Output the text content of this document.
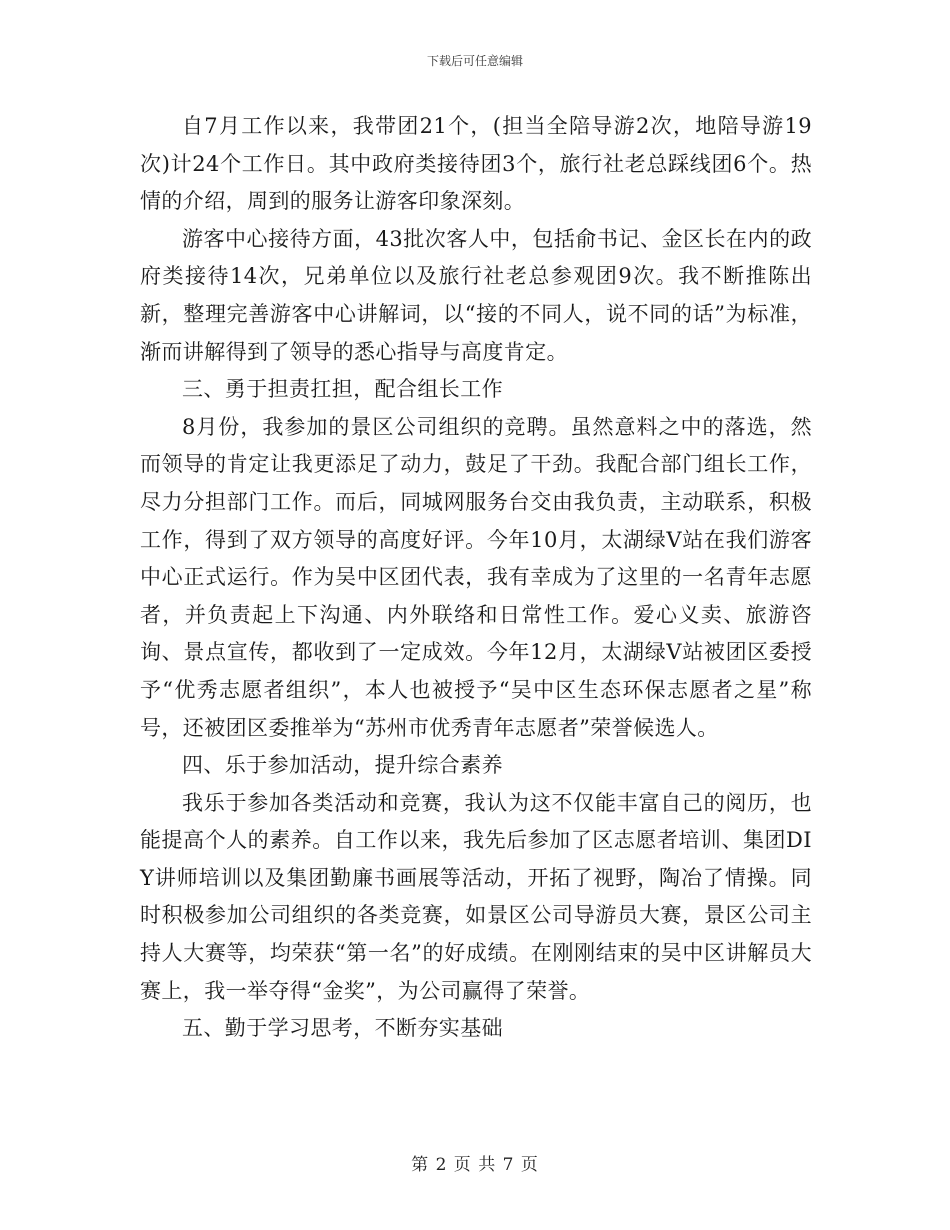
下载后可任意编辑

自7月工作以来，我带团21个，(担当全陪导游2次，地陪导游19次)计24个工作日。其中政府类接待团3个，旅行社老总踩线团6个。热情的介绍，周到的服务让游客印象深刻。

游客中心接待方面，43批次客人中，包括俞书记、金区长在内的政府类接待14次，兄弟单位以及旅行社老总参观团9次。我不断推陈出新，整理完善游客中心讲解词，以“接的不同人，说不同的话”为标准，渐而讲解得到了领导的悉心指导与高度肯定。

三、勇于担责扛担，配合组长工作

8月份，我参加的景区公司组织的竞聘。虽然意料之中的落选，然而领导的肯定让我更添足了动力，鼓足了干劲。我配合部门组长工作，尽力分担部门工作。而后，同城网服务台交由我负责，主动联系，积极工作，得到了双方领导的高度好评。今年10月，太湖绿V站在我们游客中心正式运行。作为吴中区团代表，我有幸成为了这里的一名青年志愿者，并负责起上下沟通、内外联络和日常性工作。爱心义卖、旅游咨询、景点宣传，都收到了一定成效。今年12月，太湖绿V站被团区委授予“优秀志愿者组织”，本人也被授予“吴中区生态环保志愿者之星”称号，还被团区委推举为“苏州市优秀青年志愿者”荣誉候选人。

四、乐于参加活动，提升综合素养

我乐于参加各类活动和竞赛，我认为这不仅能丰富自己的阅历，也能提高个人的素养。自工作以来，我先后参加了区志愿者培训、集团DIY讲师培训以及集团勤廉书画展等活动，开拓了视野，陶冶了情操。同时积极参加公司组织的各类竞赛，如景区公司导游员大赛，景区公司主持人大赛等，均荣获“第一名”的好成绩。在刚刚结束的吴中区讲解员大赛上，我一举夺得“金奖”，为公司赢得了荣誉。

五、勤于学习思考，不断夯实基础

第 2 页 共 7 页
